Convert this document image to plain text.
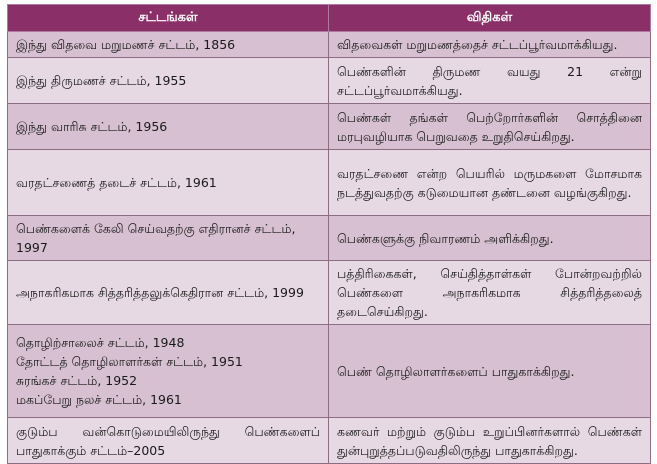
சட்டங்கள்	விதிகள்

இந்து விதவை மறுமணச் சட்டம், 1856	விதவைகள் மறுமணத்தைச் சட்டப்பூர்வமாக்கியது.

இந்து திருமணச் சட்டம், 1955	பெண்களின் திருமண வயது 21 என்று சட்டப்பூர்வமாக்கியது.

இந்து வாரிசு சட்டம், 1956	பெண்கள் தங்கள் பெற்றோர்களின் சொத்தினை மரபுவழியாக பெறுவதை உறுதிசெய்கிறது.

வரதட்சணைத் தடைச் சட்டம், 1961	வரதட்சணை என்ற பெயரில் மருமகளை மோசமாக நடத்துவதற்கு கடுமையான தண்டனை வழங்குகிறது.

பெண்களைக் கேலி செய்வதற்கு எதிரானச் சட்டம், 1997	பெண்களுக்கு நிவாரணம் அளிக்கிறது.
அநாகரிகமாக சித்தரித்தலுக்கெதிரான சட்டம், 1999	பத்திரிகைகள், செய்தித்தாள்கள் போன்றவற்றில் பெண்களை அநாகரிகமாக சித்தரித்தலைத் தடைசெய்கிறது.

தொழிற்சாலைச் சட்டம், 1948
தோட்டத் தொழிலாளர்கள் சட்டம், 1951
சுரங்கச் சட்டம், 1952
மகப்பேறு நலச் சட்டம், 1961	பெண் தொழிலாளர்களைப் பாதுகாக்கிறது.
குடும்ப வன்கொடுமையிலிருந்து பெண்களைப் பாதுகாக்கும் சட்டம்–2005	கணவர் மற்றும் குடும்ப உறுப்பினர்களால் பெண்கள் துன்புறுத்தப்படுவதிலிருந்து பாதுகாக்கிறது.
